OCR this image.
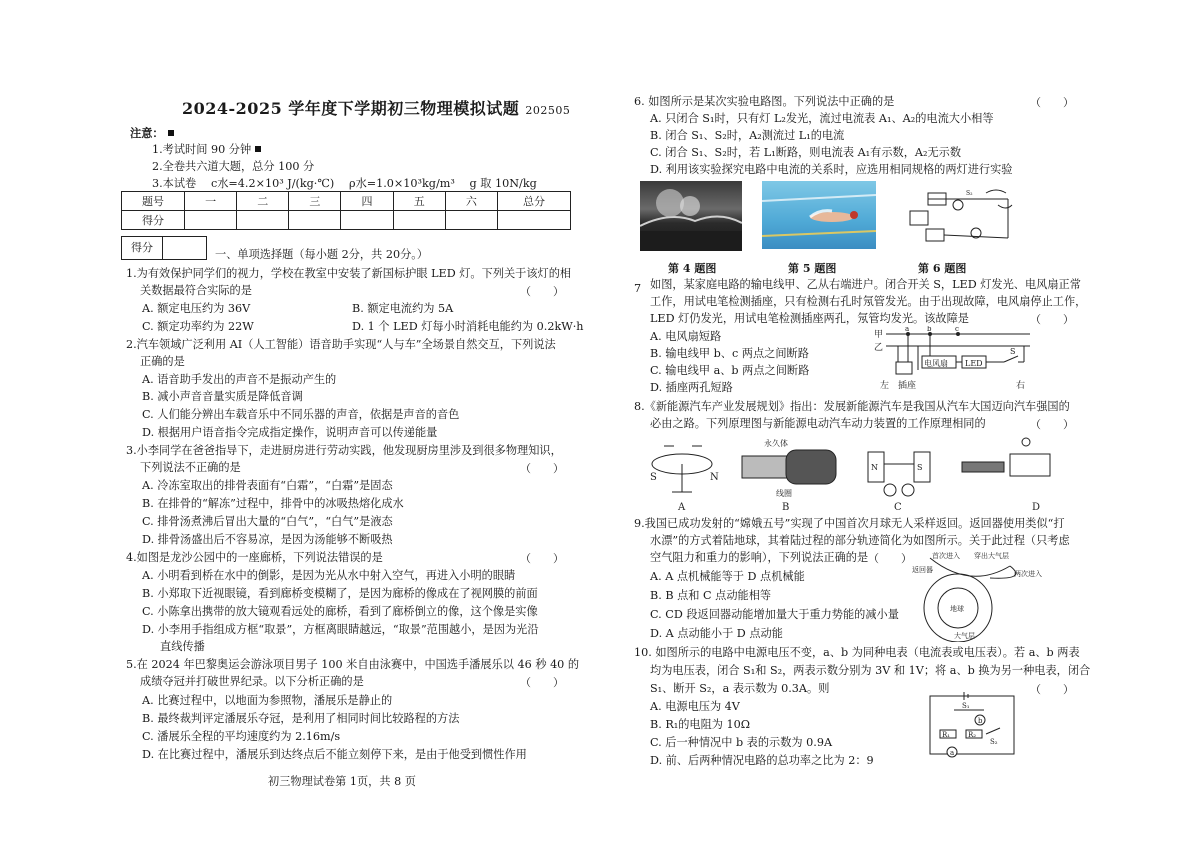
2024-2025 学年度下学期初三物理模拟试题 202505
注意：
1.考试时间 90 分钟
2.全卷共六道大题，总分 100 分
3.本试卷　 c水=4.2×10³ J/(kg·℃)　 ρ水=1.0×10³kg/m³　 g 取 10N/kg
题号	一	二	三	四	五	六	总分
得分							
得分
一、单项选择题（每小题 2分，共 20分。）
1.为有效保护同学们的视力，学校在教室中安装了新国标护眼 LED 灯。下列关于该灯的相
关数据最符合实际的是	（　　）
A. 额定电压约为 36V	B. 额定电流约为 5A
C. 额定功率约为 22W	D. 1 个 LED 灯每小时消耗电能约为 0.2kW·h
2.汽车领域广泛利用 AI（人工智能）语音助手实现“人与车”全场景自然交互，下列说法
正确的是
A. 语音助手发出的声音不是振动产生的
B. 减小声音音量实质是降低音调
C. 人们能分辨出车载音乐中不同乐器的声音，依据是声音的音色
D. 根据用户语音指令完成指定操作，说明声音可以传递能量
3.小李同学在爸爸指导下，走进厨房进行劳动实践，他发现厨房里涉及到很多物理知识，
下列说法不正确的是	（　　）
A. 冷冻室取出的排骨表面有“白霜”，“白霜”是固态
B. 在排骨的“解冻”过程中，排骨中的冰吸热熔化成水
C. 排骨汤煮沸后冒出大量的“白气”，“白气”是液态
D. 排骨汤盛出后不容易凉，是因为汤能够不断吸热
4.如图是龙沙公园中的一座廊桥，下列说法错误的是	（　　）
A. 小明看到桥在水中的倒影，是因为光从水中射入空气，再进入小明的眼睛
B. 小郑取下近视眼镜，看到廊桥变模糊了，是因为廊桥的像成在了视网膜的前面
C. 小陈拿出携带的放大镜观看远处的廊桥，看到了廊桥倒立的像，这个像是实像
D. 小李用手指组成方框“取景”，方框离眼睛越远，“取景”范围越小，是因为光沿
直线传播
5.在 2024 年巴黎奥运会游泳项目男子 100 米自由泳赛中，中国选手潘展乐以 46 秒 40 的
成绩夺冠并打破世界纪录。以下分析正确的是	（　　）
A. 比赛过程中，以地面为参照物，潘展乐是静止的
B. 最终裁判评定潘展乐夺冠，是利用了相同时间比较路程的方法
C. 潘展乐全程的平均速度约为 2.16m/s
D. 在比赛过程中，潘展乐到达终点后不能立刻停下来，是由于他受到惯性作用
初三物理试卷第 1页，共 8 页
6. 如图所示是某次实验电路图。下列说法中正确的是	（　　）
A. 只闭合 S₁时，只有灯 L₂发光，流过电流表 A₁、A₂的电流大小相等
B. 闭合 S₁、S₂时，A₂测流过 L₁的电流
C. 闭合 S₁、S₂时，若 L₁断路，则电流表 A₁有示数，A₂无示数
D. 利用该实验探究电路中电流的关系时，应选用相同规格的两灯进行实验
S₂
第 4 题图	第 5 题图	第 6 题图
7 如图，某家庭电路的输电线甲、乙从右端进户。闭合开关 S，LED 灯发光、电风扇正常
工作，用试电笔检测插座，只有检测右孔时氖管发光。由于出现故障，电风扇停止工作，
LED 灯仍发光，用试电笔检测插座两孔，氖管均发光。该故障是	（　　）
A. 电风扇短路
B. 输电线甲 b、c 两点之间断路
C. 输电线甲 a、b 两点之间断路
D. 插座两孔短路
甲
乙
a	b	c
电风扇 LED
S
左 插座	右
8.《新能源汽车产业发展规划》指出：发展新能源汽车是我国从汽车大国迈向汽车强国的
必由之路。下列原理图与新能源电动汽车动力装置的工作原理相同的	（　　）
S	N
A
永久体
线圈
B
N	S
C	D
9.我国已成功发射的“嫦娥五号”实现了中国首次月球无人采样返回。返回器使用类似“打
水漂”的方式着陆地球，其着陆过程的部分轨迹简化为如图所示。关于此过程（只考虑
空气阻力和重力的影响），下列说法正确的是 （　　）
A. A 点机械能等于 D 点机械能
B. B 点和 C 点动能相等
C. CD 段返回器动能增加量大于重力势能的减小量
D. A 点动能小于 D 点动能
地球
大气层
首次进入 穿出大气层
两次进入
返回器
10. 如图所示的电路中电源电压不变，a、b 为同种电表（电流表或电压表）。若 a、b 两表
均为电压表，闭合 S₁和 S₂，两表示数分别为 3V 和 1V；将 a、b 换为另一种电表，闭合
S₁、断开 S₂，a 表示数为 0.3A。则	（　　）
A. 电源电压为 4V
B. R₁的电阻为 10Ω
C. 后一种情况中 b 表的示数为 0.9A
D. 前、后两种情况电路的总功率之比为 2：9
S₁
b
R₁	R₂
S₂
a
